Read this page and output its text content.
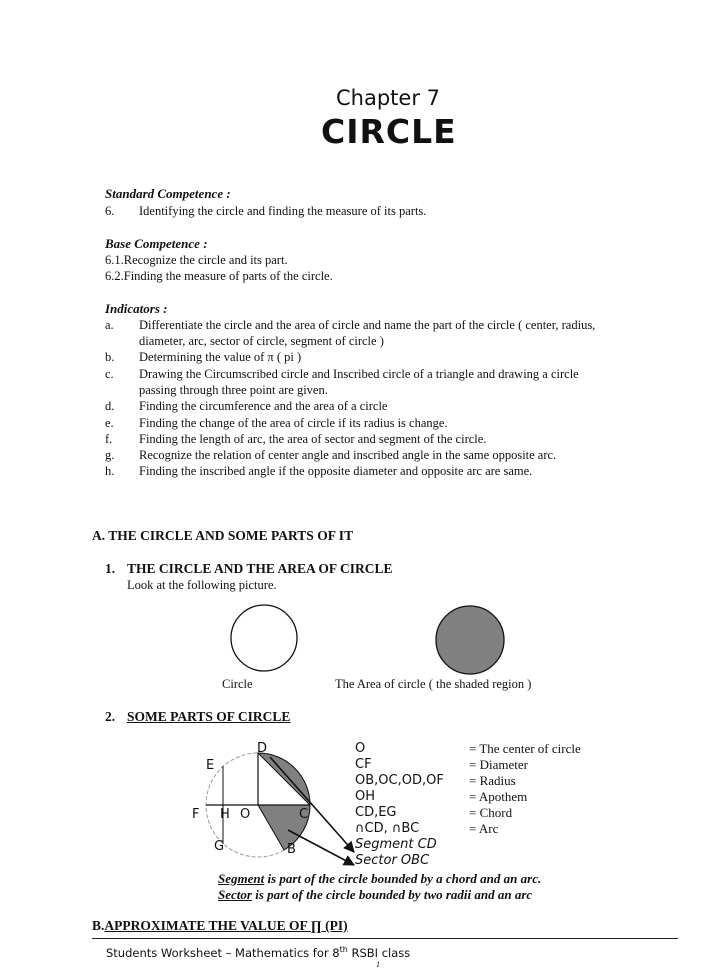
Chapter 7
CIRCLE
Standard Competence :
6. Identifying the circle and finding the measure of its parts.
Base Competence :
6.1.Recognize the circle and its part.
6.2.Finding the measure of parts of the circle.
Indicators :
a. Differentiate the circle and the area of circle and name the part of the circle ( center, radius,
diameter, arc, sector of circle, segment of circle )
b. Determining the value of π ( pi )
c. Drawing the Circumscribed circle and Inscribed circle of a triangle and drawing a circle
passing through three point are given.
d. Finding the circumference and the area of a circle
e. Finding the change of the area of circle if its radius is change.
f. Finding the length of arc, the area of sector and segment of the circle.
g. Recognize the relation of center angle and inscribed angle in the same opposite arc.
h. Finding the inscribed angle if the opposite diameter and opposite arc are same.
A. THE CIRCLE AND SOME PARTS OF IT
1. THE CIRCLE AND THE AREA OF CIRCLE
Look at the following picture.
Circle	The Area of circle ( the shaded region )
2. SOME PARTS OF CIRCLE
D
E
F H O	C
G	B
O	= The center of circle
CF	= Diameter
OB,OC,OD,OF = Radius
OH	= Apothem
CD,EG	= Chord
∩CD, ∩BC	= Arc
Segment CD
Sector OBC
Segment is part of the circle bounded by a chord and an arc.
Sector is part of the circle bounded by two radii and an arc
B.APPROXIMATE THE VALUE OF ∏ (PI)
Students Worksheet – Mathematics for 8th RSBI class
1
